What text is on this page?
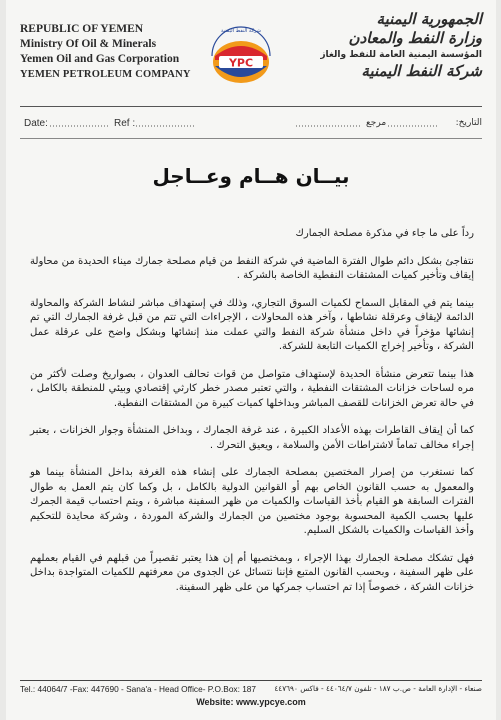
REPUBLIC OF YEMEN
Ministry Of Oil & Minerals
Yemen Oil and Gas Corporation
YEMEN PETROLEUM COMPANY
شركة النفط اليمنية
YPC
الجمهورية اليمنية
وزارة النفط والمعادن
المؤسسة اليمنية العامة للنفط والغاز
شركة النفط اليمنية
Date:	Ref :	مرجع	التاريخ:
بيــان هــام وعــاجل

رداً على ما جاء في مذكرة مصلحة الجمارك

نتفاجئ بشكل دائم طوال الفترة الماضية في شركة النفط من قيام مصلحة جمارك ميناء الحديدة من محاولة إيقاف وتأخير كميات المشتقات النفطية الخاصة بالشركة .

بينما يتم في المقابل السماح لكميات السوق التجاري، وذلك في إستهداف مباشر لنشاط الشركة والمحاولة الدائمة لإيقاف وعرقلة نشاطها ، وآخر هذه المحاولات ، الإجراءات التي تتم من قبل غرفة الجمارك التي تم إنشائها مؤخراً في داخل منشأة شركة النفط والتي عملت منذ إنشائها وبشكل واضح على عرقلة عمل الشركة ، وتأخير إخراج الكميات التابعة للشركة.

هذا بينما تتعرض منشأة الحديدة لإستهداف متواصل من قوات تحالف العدوان ، بصواريخ وصلت لأكثر من مره لساحات خزانات المشتقات النفطية ، والتي تعتبر مصدر خطر كارثي إقتصادي وبيئي للمنطقة بالكامل ، في حالة تعرض الخزانات للقصف المباشر وبداخلها كميات كبيرة من المشتقات النفطية.

كما أن إيقاف القاطرات بهذه الأعداد الكبيرة ، عند غرفة الجمارك ، وبداخل المنشأة وجوار الخزانات ، يعتبر إجراء مخالف تماماً لاشتراطات الأمن والسلامة ، ويعيق التحرك .

كما نستغرب من إصرار المختصين بمصلحة الجمارك على إنشاء هذه الغرفة بداخل المنشأة بينما هو والمعمول به حسب القانون الخاص بهم أو القوانين الدولية بالكامل ، بل وكما كان يتم العمل به طوال الفترات السابقة هو القيام بأخذ القياسات والكميات من ظهر السفينة مباشرة ، ويتم احتساب قيمة الجمرك عليها بحسب الكمية المحسوبة بوجود مختصين من الجمارك والشركة الموردة ، وشركة محايدة للتحكيم وأخذ القياسات والكميات بالشكل السليم.

فهل تشكك مصلحة الجمارك بهذا الإجراء ، وبمختصيها أم إن هذا يعتبر تقصيراً من قبلهم في القيام بعملهم على ظهر السفينة ، وبحسب القانون المتبع فإننا نتسائل عن الجدوى من معرفتهم للكميات المتواجدة بداخل خزانات الشركة ، خصوصاً إذا تم احتساب جمركها من على ظهر السفينة.

Tel.: 44064/7 -Fax: 447690 - Sana'a - Head Office- P.O.Box: 187	صنعاء - الإدارة العامة - ص.ب ١٨٧ - تلفون ٤٤٠٦٤/٧ - فاكس ٤٤٧٦٩٠
Website: www.ypcye.com
